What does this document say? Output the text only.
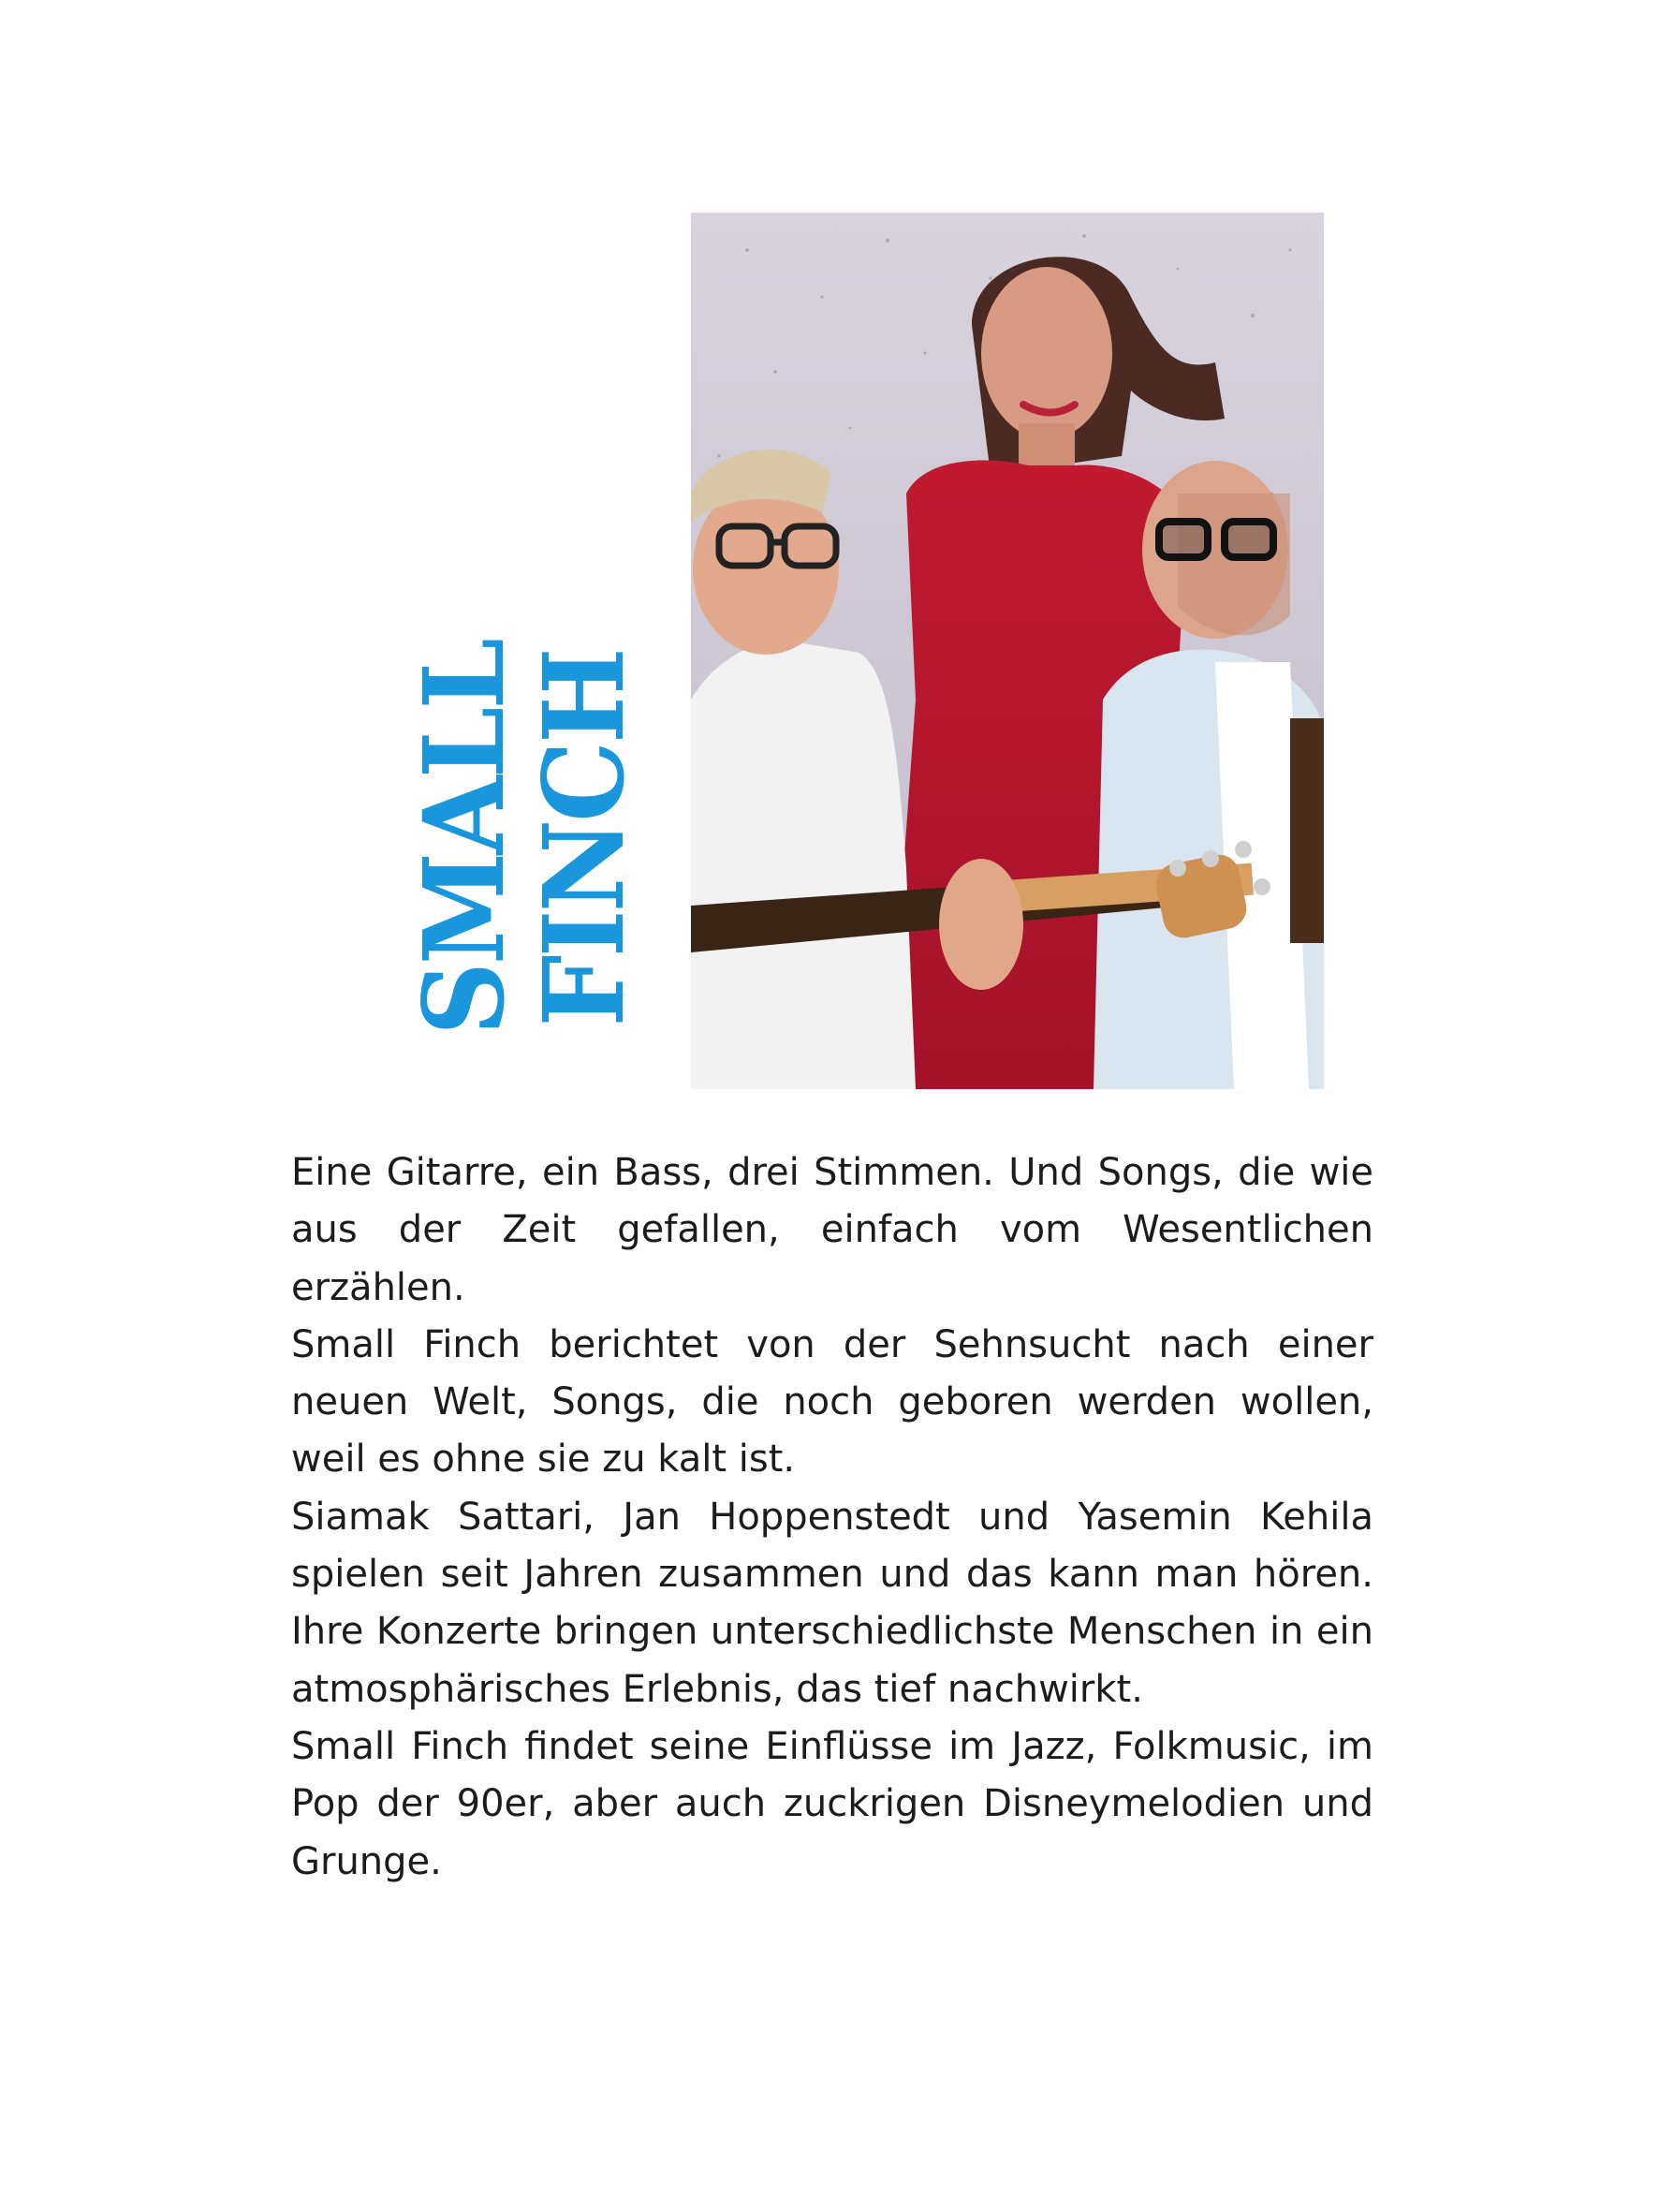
SMALL
FINCH

Eine Gitarre, ein Bass, drei Stimmen. Und Songs, die wie aus der Zeit gefallen, einfach vom Wesentlichen erzählen.

Small Finch berichtet von der Sehnsucht nach einer neuen Welt, Songs, die noch geboren werden wollen, weil es ohne sie zu kalt ist.

Siamak Sattari, Jan Hoppenstedt und Yasemin Kehila spielen seit Jahren zusammen und das kann man hören. Ihre Konzerte bringen unterschiedlichste Menschen in ein atmosphärisches Erlebnis, das tief nachwirkt.

Small Finch findet seine Einflüsse im Jazz, Folkmusic, im Pop der 90er, aber auch zuckrigen Disneymelodien und Grunge.
